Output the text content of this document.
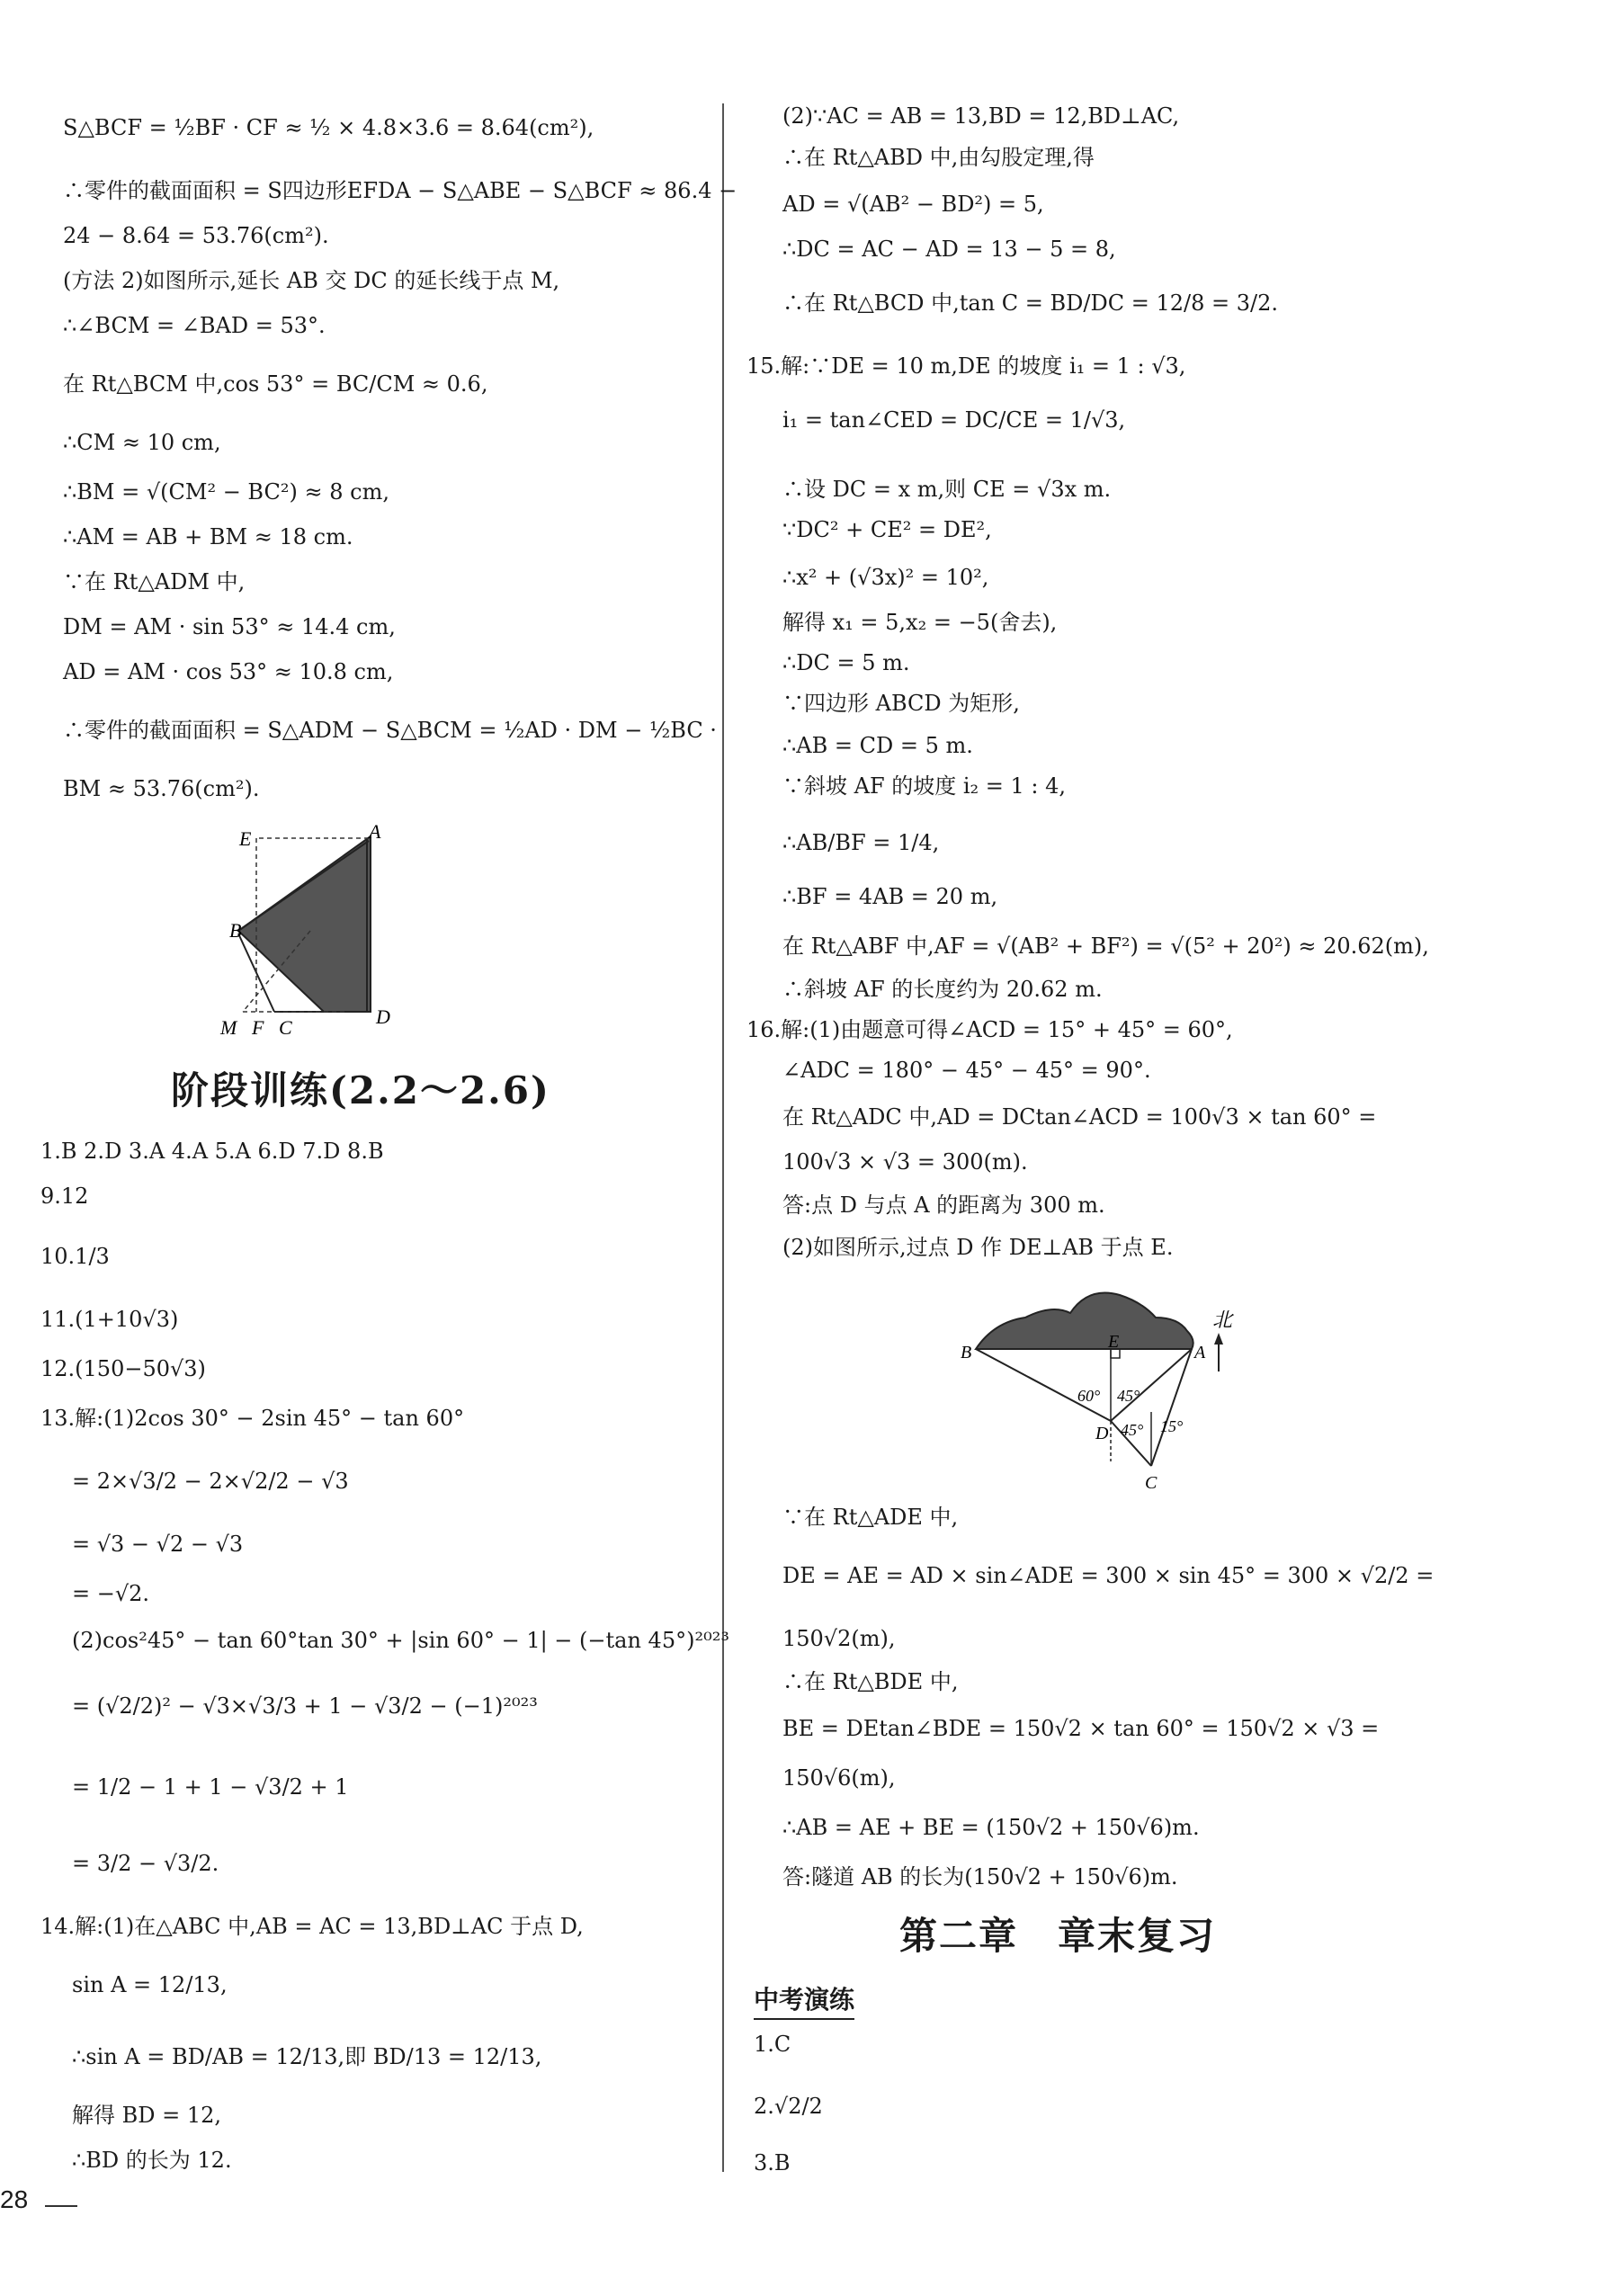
S△BCF = ½BF · CF ≈ ½ × 4.8×3.6 = 8.64(cm²),
∴零件的截面面积 = S四边形EFDA − S△ABE − S△BCF ≈ 86.4 −
24 − 8.64 = 53.76(cm²).
(方法 2)如图所示,延长 AB 交 DC 的延长线于点 M,
∴∠BCM = ∠BAD = 53°.
在 Rt△BCM 中,cos 53° = BC/CM ≈ 0.6,
∴CM ≈ 10 cm,
∴BM = √(CM² − BC²) ≈ 8 cm,
∴AM = AB + BM ≈ 18 cm.
∵在 Rt△ADM 中,
DM = AM · sin 53° ≈ 14.4 cm,
AD = AM · cos 53° ≈ 10.8 cm,
∴零件的截面面积 = S△ADM − S△BCM = ½AD · DM − ½BC ·
BM ≈ 53.76(cm²).
E	A
B
M F C	D
阶段训练(2.2～2.6)
1.B 2.D 3.A 4.A 5.A 6.D 7.D 8.B
9.12
10.1/3
11.(1+10√3)
12.(150−50√3)
13.解:(1)2cos 30° − 2sin 45° − tan 60°
= 2×√3/2 − 2×√2/2 − √3
= √3 − √2 − √3
= −√2.
(2)cos²45° − tan 60°tan 30° + |sin 60° − 1| − (−tan 45°)²⁰²³
= (√2/2)² − √3×√3/3 + 1 − √3/2 − (−1)²⁰²³
= 1/2 − 1 + 1 − √3/2 + 1
= 3/2 − √3/2.
14.解:(1)在△ABC 中,AB = AC = 13,BD⊥AC 于点 D,
sin A = 12/13,
∴sin A = BD/AB = 12/13,即 BD/13 = 12/13,
解得 BD = 12,
∴BD 的长为 12.
28
(2)∵AC = AB = 13,BD = 12,BD⊥AC,
∴在 Rt△ABD 中,由勾股定理,得
AD = √(AB² − BD²) = 5,
∴DC = AC − AD = 13 − 5 = 8,
∴在 Rt△BCD 中,tan C = BD/DC = 12/8 = 3/2.
15.解:∵DE = 10 m,DE 的坡度 i₁ = 1 : √3,
i₁ = tan∠CED = DC/CE = 1/√3,
∴设 DC = x m,则 CE = √3x m.
∵DC² + CE² = DE²,
∴x² + (√3x)² = 10²,
解得 x₁ = 5,x₂ = −5(舍去),
∴DC = 5 m.
∵四边形 ABCD 为矩形,
∴AB = CD = 5 m.
∵斜坡 AF 的坡度 i₂ = 1 : 4,
∴AB/BF = 1/4,
∴BF = 4AB = 20 m,
在 Rt△ABF 中,AF = √(AB² + BF²) = √(5² + 20²) ≈ 20.62(m),
∴斜坡 AF 的长度约为 20.62 m.
16.解:(1)由题意可得∠ACD = 15° + 45° = 60°,
∠ADC = 180° − 45° − 45° = 90°.
在 Rt△ADC 中,AD = DCtan∠ACD = 100√3 × tan 60° =
100√3 × √3 = 300(m).
答:点 D 与点 A 的距离为 300 m.
(2)如图所示,过点 D 作 DE⊥AB 于点 E.
北
B
E
A
D
C
60° 45°
45° 15°
∵在 Rt△ADE 中,
DE = AE = AD × sin∠ADE = 300 × sin 45° = 300 × √2/2 =
150√2(m),
∴在 Rt△BDE 中,
BE = DEtan∠BDE = 150√2 × tan 60° = 150√2 × √3 =
150√6(m),
∴AB = AE + BE = (150√2 + 150√6)m.
答:隧道 AB 的长为(150√2 + 150√6)m.
第二章　章末复习
中考演练
1.C
2.√2/2
3.B
